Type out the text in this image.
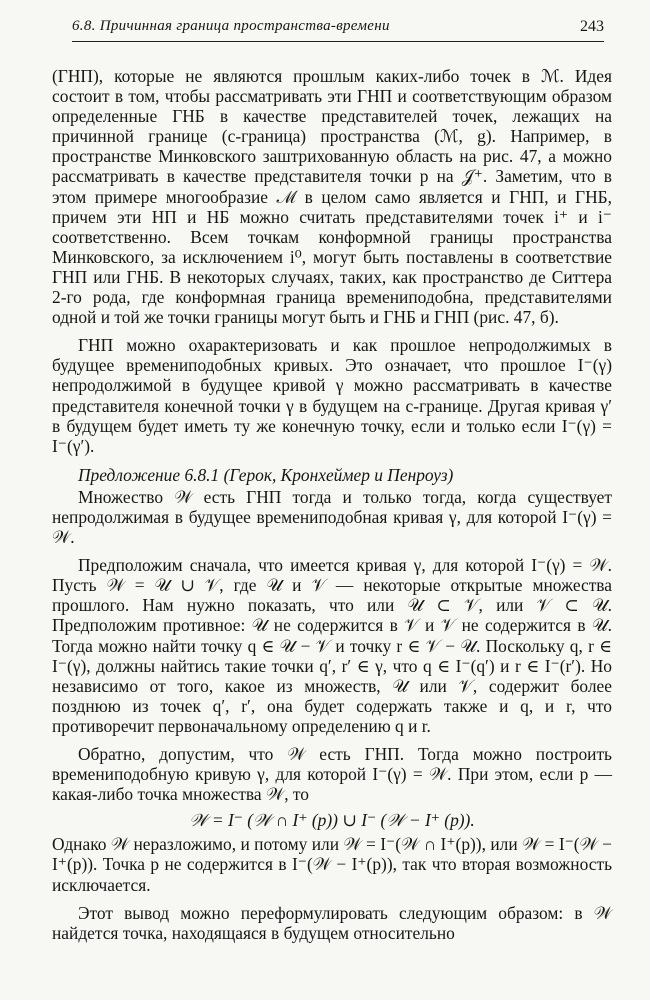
6.8. Причинная граница пространства-времени	243

(ГНП), которые не являются прошлым каких-либо точек в ℳ. Идея состоит в том, чтобы рассматривать эти ГНП и соответствующим образом определенные ГНБ в качестве представителей точек, лежащих на причинной границе (c-граница) пространства (ℳ, g). Например, в пространстве Минковского заштрихованную область на рис. 47, а можно рассматривать в качестве представителя точки p на 𝒥⁺. Заметим, что в этом примере многообразие ℳ в целом само является и ГНП, и ГНБ, причем эти НП и НБ можно считать представителями точек i⁺ и i⁻ соответственно. Всем точкам конформной границы пространства Минковского, за исключением i⁰, могут быть поставлены в соответствие ГНП или ГНБ. В некоторых случаях, таких, как пространство де Ситтера 2-го рода, где конформная граница времениподобна, представителями одной и той же точки границы могут быть и ГНБ и ГНП (рис. 47, б).

ГНП можно охарактеризовать и как прошлое непродолжимых в будущее времениподобных кривых. Это означает, что прошлое I⁻(γ) непродолжимой в будущее кривой γ можно рассматривать в качестве представителя конечной точки γ в будущем на c-границе. Другая кривая γ′ в будущем будет иметь ту же конечную точку, если и только если I⁻(γ) = I⁻(γ′).

Предложение 6.8.1 (Герок, Кронхеймер и Пенроуз)

Множество 𝒲 есть ГНП тогда и только тогда, когда существует непродолжимая в будущее времениподобная кривая γ, для которой I⁻(γ) = 𝒲.

Предположим сначала, что имеется кривая γ, для которой I⁻(γ) = 𝒲. Пусть 𝒲 = 𝒰 ∪ 𝒱, где 𝒰 и 𝒱 — некоторые открытые множества прошлого. Нам нужно показать, что или 𝒰 ⊂ 𝒱, или 𝒱 ⊂ 𝒰. Предположим противное: 𝒰 не содержится в 𝒱 и 𝒱 не содержится в 𝒰. Тогда можно найти точку q ∈ 𝒰 − 𝒱 и точку r ∈ 𝒱 − 𝒰. Поскольку q, r ∈ I⁻(γ), должны найтись такие точки q′, r′ ∈ γ, что q ∈ I⁻(q′) и r ∈ I⁻(r′). Но независимо от того, какое из множеств, 𝒰 или 𝒱, содержит более позднюю из точек q′, r′, она будет содержать также и q, и r, что противоречит первоначальному определению q и r.

Обратно, допустим, что 𝒲 есть ГНП. Тогда можно построить времениподобную кривую γ, для которой I⁻(γ) = 𝒲. При этом, если p — какая-либо точка множества 𝒲, то

𝒲 = I⁻ (𝒲 ∩ I⁺ (p)) ∪ I⁻ (𝒲 − I⁺ (p)).

Однако 𝒲 неразложимо, и потому или 𝒲 = I⁻(𝒲 ∩ I⁺(p)), или 𝒲 = I⁻(𝒲 − I⁺(p)). Точка p не содержится в I⁻(𝒲 − I⁺(p)), так что вторая возможность исключается.

Этот вывод можно переформулировать следующим образом: в 𝒲 найдется точка, находящаяся в будущем относительно
